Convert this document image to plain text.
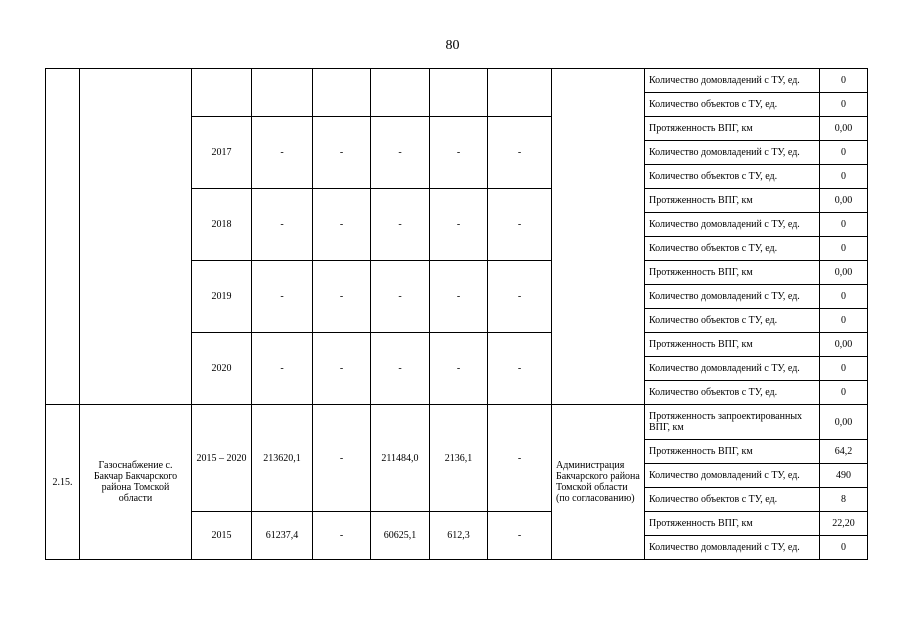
80
									Количество домовладений с ТУ, ед.	0
									Количество объектов с ТУ, ед.	0
		2017	-	-	-	-	-		Протяженность ВПГ, км	0,00
									Количество домовладений с ТУ, ед.	0
									Количество объектов с ТУ, ед.	0
		2018	-	-	-	-	-		Протяженность ВПГ, км	0,00
									Количество домовладений с ТУ, ед.	0
									Количество объектов с ТУ, ед.	0
		2019	-	-	-	-	-		Протяженность ВПГ, км	0,00
									Количество домовладений с ТУ, ед.	0
									Количество объектов с ТУ, ед.	0
		2020	-	-	-	-	-		Протяженность ВПГ, км	0,00
									Количество домовладений с ТУ, ед.	0
									Количество объектов с ТУ, ед.	0
2.15.	Газоснабжение с. Бакчар Бакчарского района Томской области	2015 – 2020	213620,1	-	211484,0	2136,1	-	Администрация Бакчарского района Томской области (по согласованию)	Протяженность запроектированных ВПГ, км	0,00
									Протяженность ВПГ, км	64,2
									Количество домовладений с ТУ, ед.	490
									Количество объектов с ТУ, ед.	8
		2015	61237,4	-	60625,1	612,3	-		Протяженность ВПГ, км	22,20
									Количество домовладений с ТУ, ед.	0
